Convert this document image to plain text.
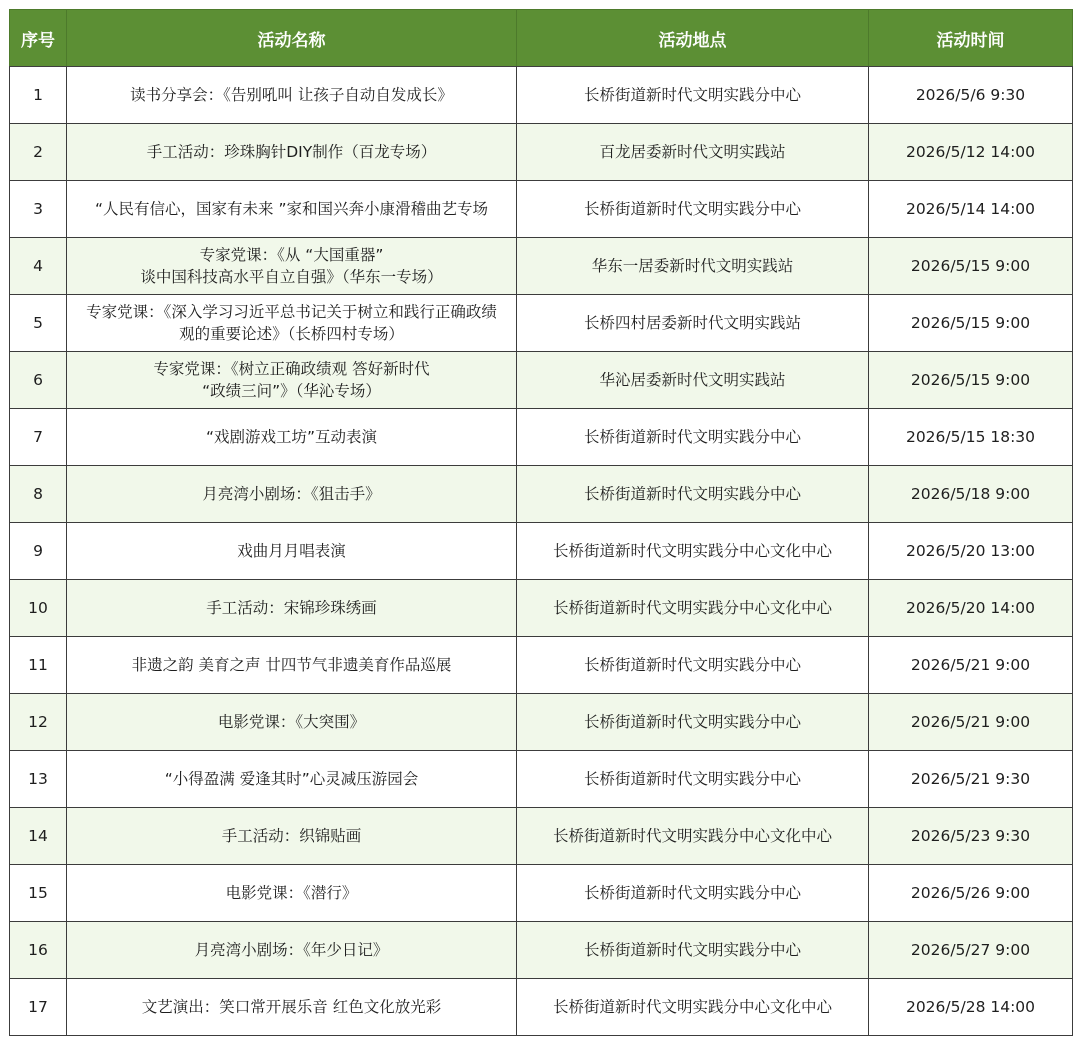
序号	活动名称	活动地点	活动时间
1	读书分享会：《告别吼叫 让孩子自动自发成长》	长桥街道新时代文明实践分中心	2026/5/6 9:30
2	手工活动：珍珠胸针DIY制作（百龙专场）	百龙居委新时代文明实践站	2026/5/12 14:00
3	“人民有信心，国家有未来 ”家和国兴奔小康滑稽曲艺专场	长桥街道新时代文明实践分中心	2026/5/14 14:00
4	专家党课：《从 “大国重器”
谈中国科技高水平自立自强》（华东一专场）	华东一居委新时代文明实践站	2026/5/15 9:00
5	专家党课：《深入学习习近平总书记关于树立和践行正确政绩
观的重要论述》（长桥四村专场）	长桥四村居委新时代文明实践站	2026/5/15 9:00
6	专家党课：《树立正确政绩观 答好新时代
“政绩三问”》（华沁专场）	华沁居委新时代文明实践站	2026/5/15 9:00
7	“戏剧游戏工坊”互动表演	长桥街道新时代文明实践分中心	2026/5/15 18:30
8	月亮湾小剧场：《狙击手》	长桥街道新时代文明实践分中心	2026/5/18 9:00
9	戏曲月月唱表演	长桥街道新时代文明实践分中心文化中心	2026/5/20 13:00
10	手工活动：宋锦珍珠绣画	长桥街道新时代文明实践分中心文化中心	2026/5/20 14:00
11	非遗之韵 美育之声 廿四节气非遗美育作品巡展	长桥街道新时代文明实践分中心	2026/5/21 9:00
12	电影党课：《大突围》	长桥街道新时代文明实践分中心	2026/5/21 9:00
13	“小得盈满 爱逢其时”心灵减压游园会	长桥街道新时代文明实践分中心	2026/5/21 9:30
14	手工活动：织锦贴画	长桥街道新时代文明实践分中心文化中心	2026/5/23 9:30
15	电影党课：《潜行》	长桥街道新时代文明实践分中心	2026/5/26 9:00
16	月亮湾小剧场：《年少日记》	长桥街道新时代文明实践分中心	2026/5/27 9:00
17	文艺演出：笑口常开展乐音 红色文化放光彩	长桥街道新时代文明实践分中心文化中心	2026/5/28 14:00
